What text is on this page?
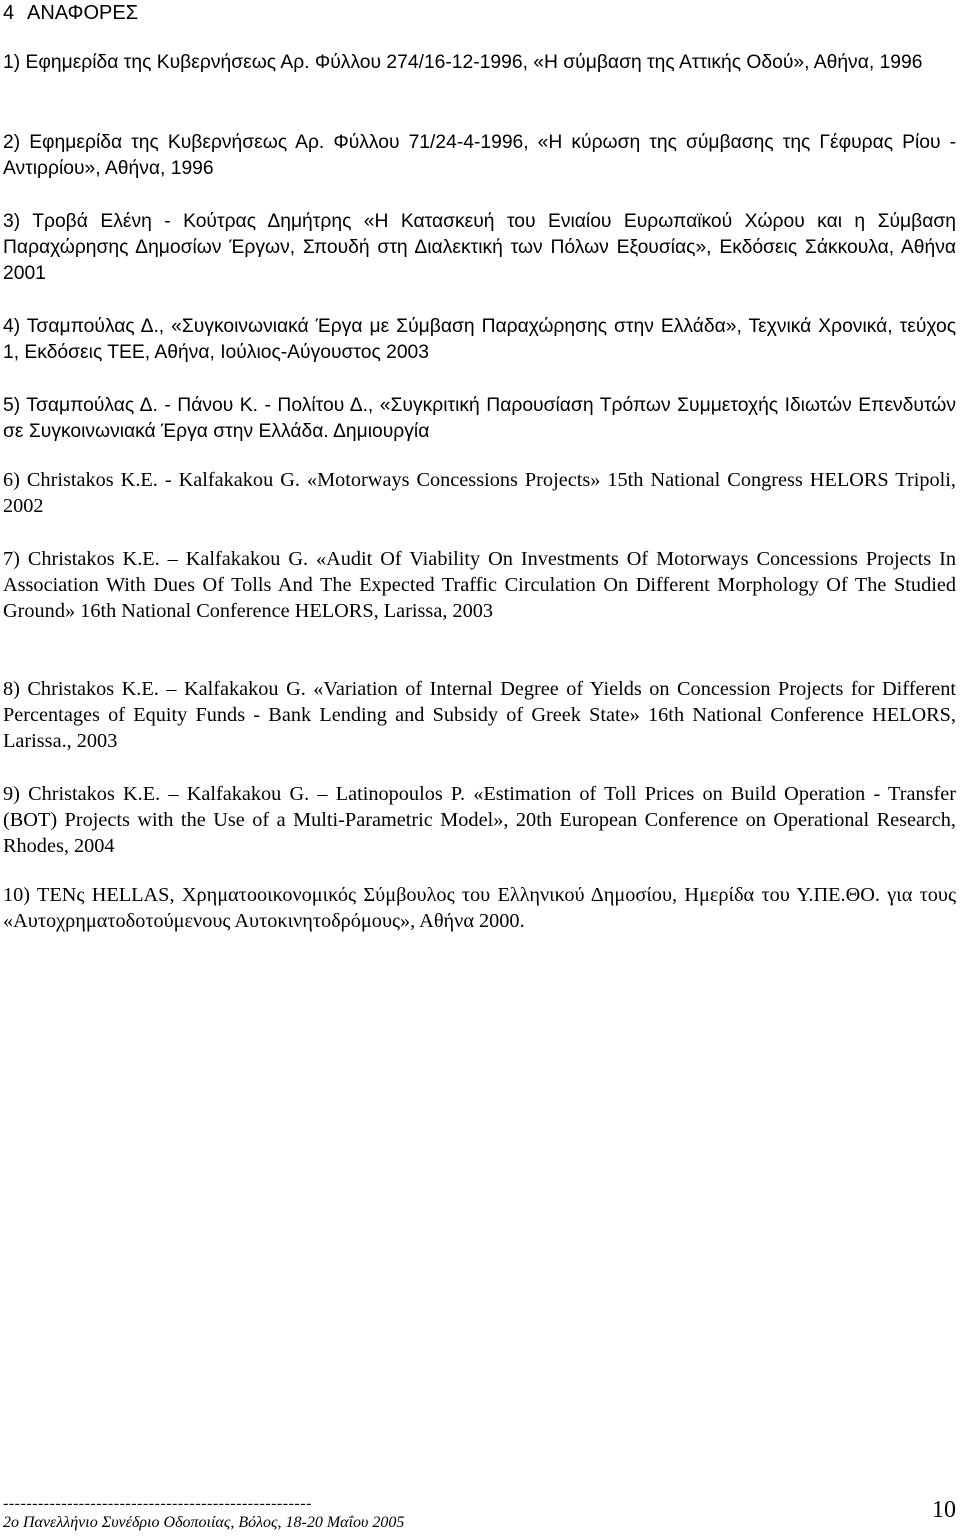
4 ΑΝΑΦΟΡΕΣ

1) Εφημερίδα της Κυβερνήσεως Αρ. Φύλλου 274/16-12-1996, «Η σύμβαση της Αττικής Οδού», Αθήνα, 1996

2) Εφημερίδα της Κυβερνήσεως Αρ. Φύλλου 71/24-4-1996, «Η κύρωση της σύμβασης της Γέφυρας Ρίου - Αντιρρίου», Αθήνα, 1996

3) Τροβά Ελένη - Κούτρας Δημήτρης «Η Κατασκευή του Ενιαίου Ευρωπαϊκού Χώρου και η Σύμβαση Παραχώρησης Δημοσίων Έργων, Σπουδή στη Διαλεκτική των Πόλων Εξουσίας», Εκδόσεις Σάκκουλα, Αθήνα 2001

4) Τσαμπούλας Δ., «Συγκοινωνιακά Έργα με Σύμβαση Παραχώρησης στην Ελλάδα», Τεχνικά Χρονικά, τεύχος 1, Εκδόσεις ΤΕΕ, Αθήνα, Ιούλιος-Αύγουστος 2003

5) Τσαμπούλας Δ. - Πάνου Κ. - Πολίτου Δ., «Συγκριτική Παρουσίαση Τρόπων Συμμετοχής Ιδιωτών Επενδυτών σε Συγκοινωνιακά Έργα στην Ελλάδα. Δημιουργία

6) Christakos K.E. - Kalfakakou G. «Motorways Concessions Projects» 15th National Congress HELORS Tripoli, 2002

7) Christakos K.E. – Kalfakakou G. «Audit Of Viability On Investments Of Motorways Concessions Projects In Association With Dues Of Tolls And The Expected Traffic Circulation On Different Morphology Of The Studied Ground» 16th National Conference HELORS, Larissa, 2003

8) Christakos K.E. – Kalfakakou G. «Variation of Internal Degree of Yields on Concession Projects for Different Percentages of Equity Funds - Bank Lending and Subsidy of Greek State» 16th National Conference HELORS, Larissa., 2003

9) Christakos K.E. – Kalfakakou G. – Latinopoulos P. «Estimation of Toll Prices on Build Operation - Transfer (BOT) Projects with the Use of a Multi-Parametric Model», 20th European Conference on Operational Research, Rhodes, 2004

10) TENς HELLAS, Χρηματοοικονομικός Σύμβουλος του Ελληνικού Δημοσίου, Ημερίδα του Υ.ΠΕ.ΘΟ. για τους «Αυτοχρηματοδοτούμενους Αυτοκινητοδρόμους», Αθήνα 2000.

-----------------------------------------------------
2ο Πανελλήνιο Συνέδριο Οδοποιίας, Βόλος, 18-20 Μαΐου 2005	10
